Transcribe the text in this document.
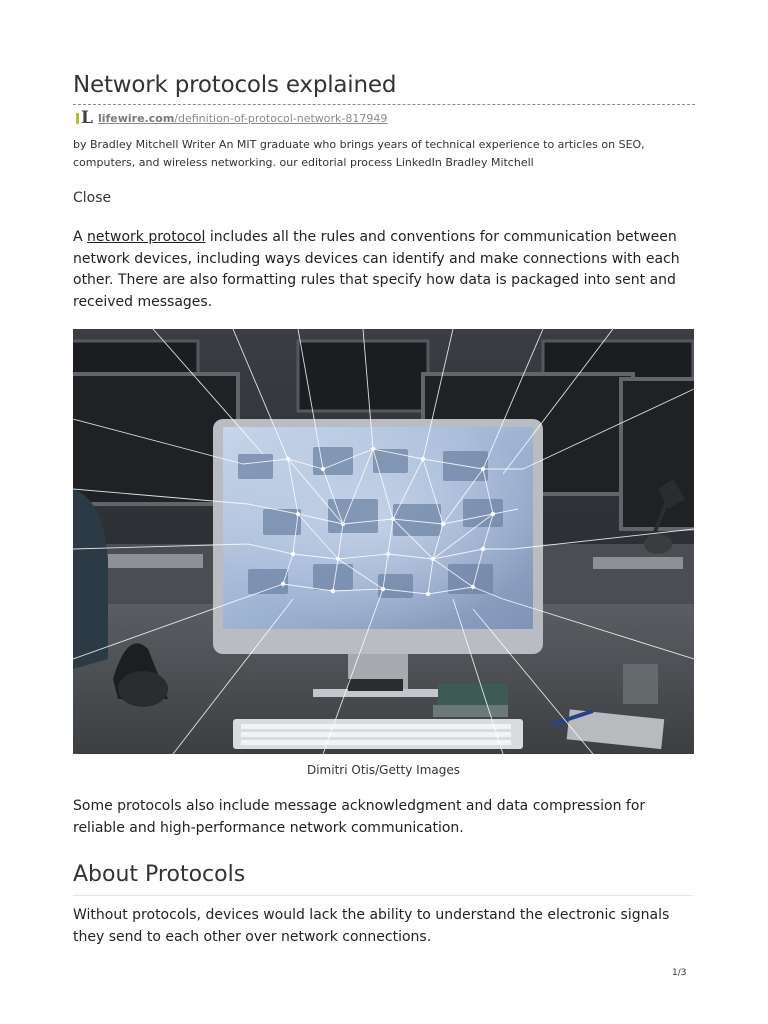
Network protocols explained
L lifewire.com/definition-of-protocol-network-817949
by Bradley Mitchell Writer An MIT graduate who brings years of technical experience to articles on SEO, computers, and wireless networking. our editorial process LinkedIn Bradley Mitchell
Close

A network protocol includes all the rules and conventions for communication between network devices, including ways devices can identify and make connections with each other. There are also formatting rules that specify how data is packaged into sent and received messages.

Dimitri Otis/Getty Images

Some protocols also include message acknowledgment and data compression for reliable and high-performance network communication.

About Protocols

Without protocols, devices would lack the ability to understand the electronic signals they send to each other over network connections.

1/3
